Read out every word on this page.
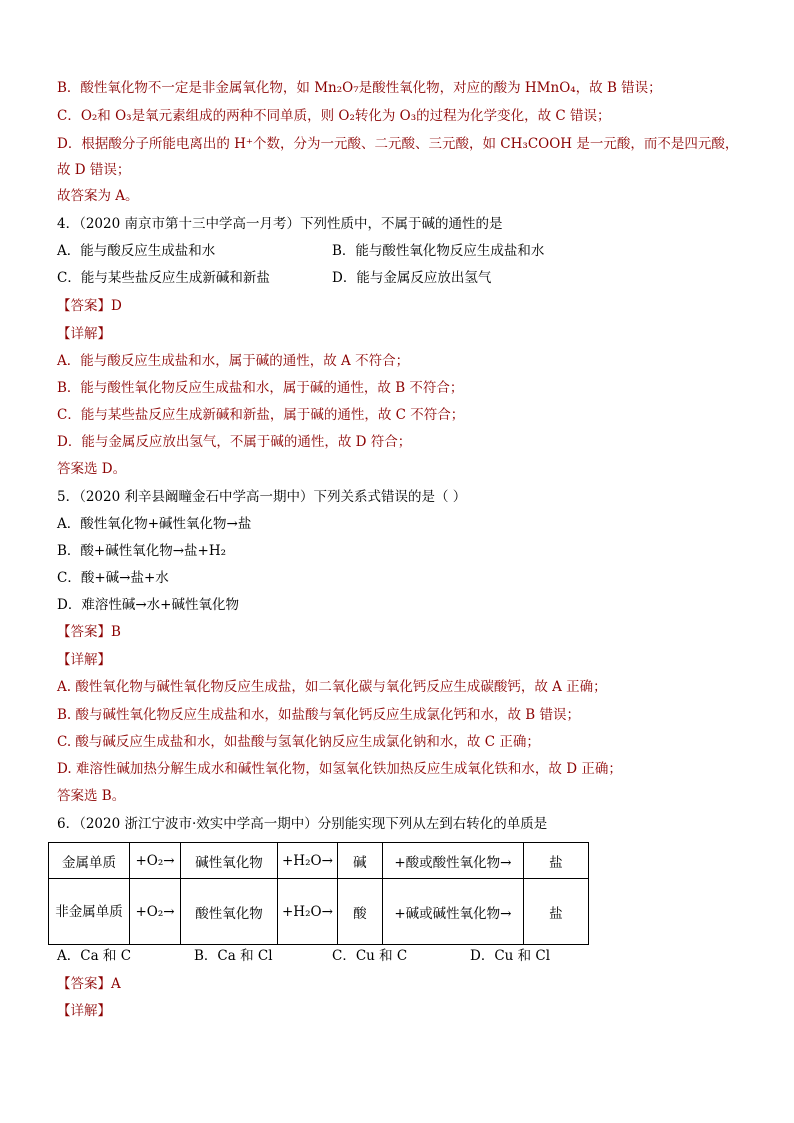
B．酸性氧化物不一定是非金属氧化物，如 Mn₂O₇是酸性氧化物，对应的酸为 HMnO₄，故 B 错误；
C．O₂和 O₃是氧元素组成的两种不同单质，则 O₂转化为 O₃的过程为化学变化，故 C 错误；
D．根据酸分子所能电离出的 H⁺个数，分为一元酸、二元酸、三元酸，如 CH₃COOH 是一元酸，而不是四元酸，
故 D 错误；
故答案为 A。
4．（2020 南京市第十三中学高一月考）下列性质中，不属于碱的通性的是
A．能与酸反应生成盐和水	B．能与酸性氧化物反应生成盐和水
C．能与某些盐反应生成新碱和新盐	D．能与金属反应放出氢气
【答案】D
【详解】
A．能与酸反应生成盐和水，属于碱的通性，故 A 不符合；
B．能与酸性氧化物反应生成盐和水，属于碱的通性，故 B 不符合；
C．能与某些盐反应生成新碱和新盐，属于碱的通性，故 C 不符合；
D．能与金属反应放出氢气，不属于碱的通性，故 D 符合；
答案选 D。
5．（2020 利辛县阚疃金石中学高一期中）下列关系式错误的是（ ）
A．酸性氧化物+碱性氧化物→盐
B．酸+碱性氧化物→盐+H₂
C．酸+碱→盐+水
D．难溶性碱→水+碱性氧化物
【答案】B
【详解】
A. 酸性氧化物与碱性氧化物反应生成盐，如二氧化碳与氧化钙反应生成碳酸钙，故 A 正确；
B. 酸与碱性氧化物反应生成盐和水，如盐酸与氧化钙反应生成氯化钙和水，故 B 错误；
C. 酸与碱反应生成盐和水，如盐酸与氢氧化钠反应生成氯化钠和水，故 C 正确；
D. 难溶性碱加热分解生成水和碱性氧化物，如氢氧化铁加热反应生成氧化铁和水，故 D 正确；
答案选 B。
6．（2020 浙江宁波市·效实中学高一期中）分别能实现下列从左到右转化的单质是
金属单质	+O₂→	碱性氧化物	+H₂O→	碱	+酸或酸性氧化物→	盐
非金属单质	+O₂→	酸性氧化物	+H₂O→	酸	+碱或碱性氧化物→	盐
A．Ca 和 C	B．Ca 和 Cl	C．Cu 和 C	D．Cu 和 Cl
【答案】A
【详解】
